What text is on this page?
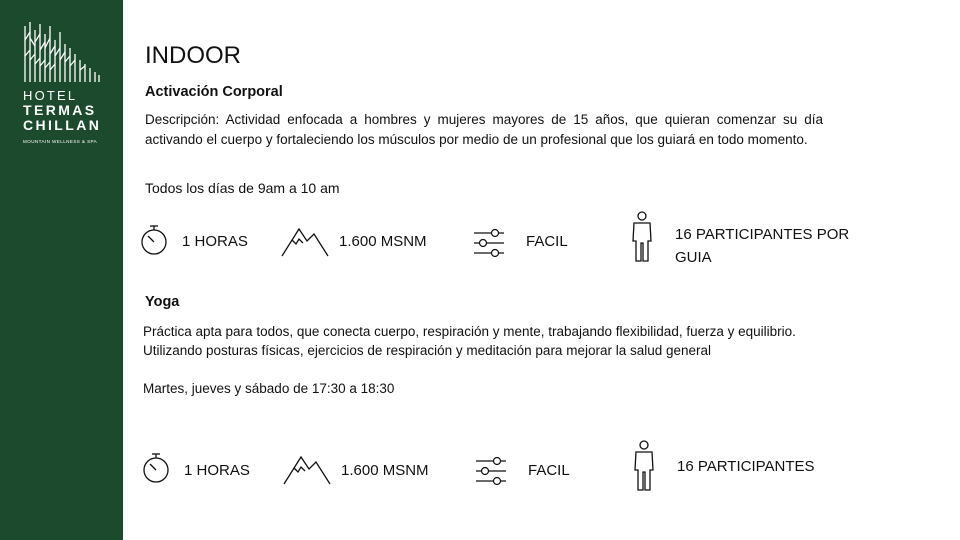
HOTEL
TERMAS
CHILLAN
MOUNTAIN WELLNESS & SPA
INDOOR
Activación Corporal
Descripción: Actividad enfocada a hombres y mujeres mayores de 15 años, que quieran comenzar su día activando el cuerpo y fortaleciendo los músculos por medio de un profesional que los guiará en todo momento.
Todos los días de 9am a 10 am
1 HORAS	1.600 MSNM	FACIL	16 PARTICIPANTES POR GUIA
Yoga
Práctica apta para todos, que conecta cuerpo, respiración y mente, trabajando flexibilidad, fuerza y equilibrio. Utilizando posturas físicas, ejercicios de respiración y meditación para mejorar la salud general
Martes, jueves y sábado de 17:30 a 18:30
1 HORAS	1.600 MSNM	FACIL	16 PARTICIPANTES
